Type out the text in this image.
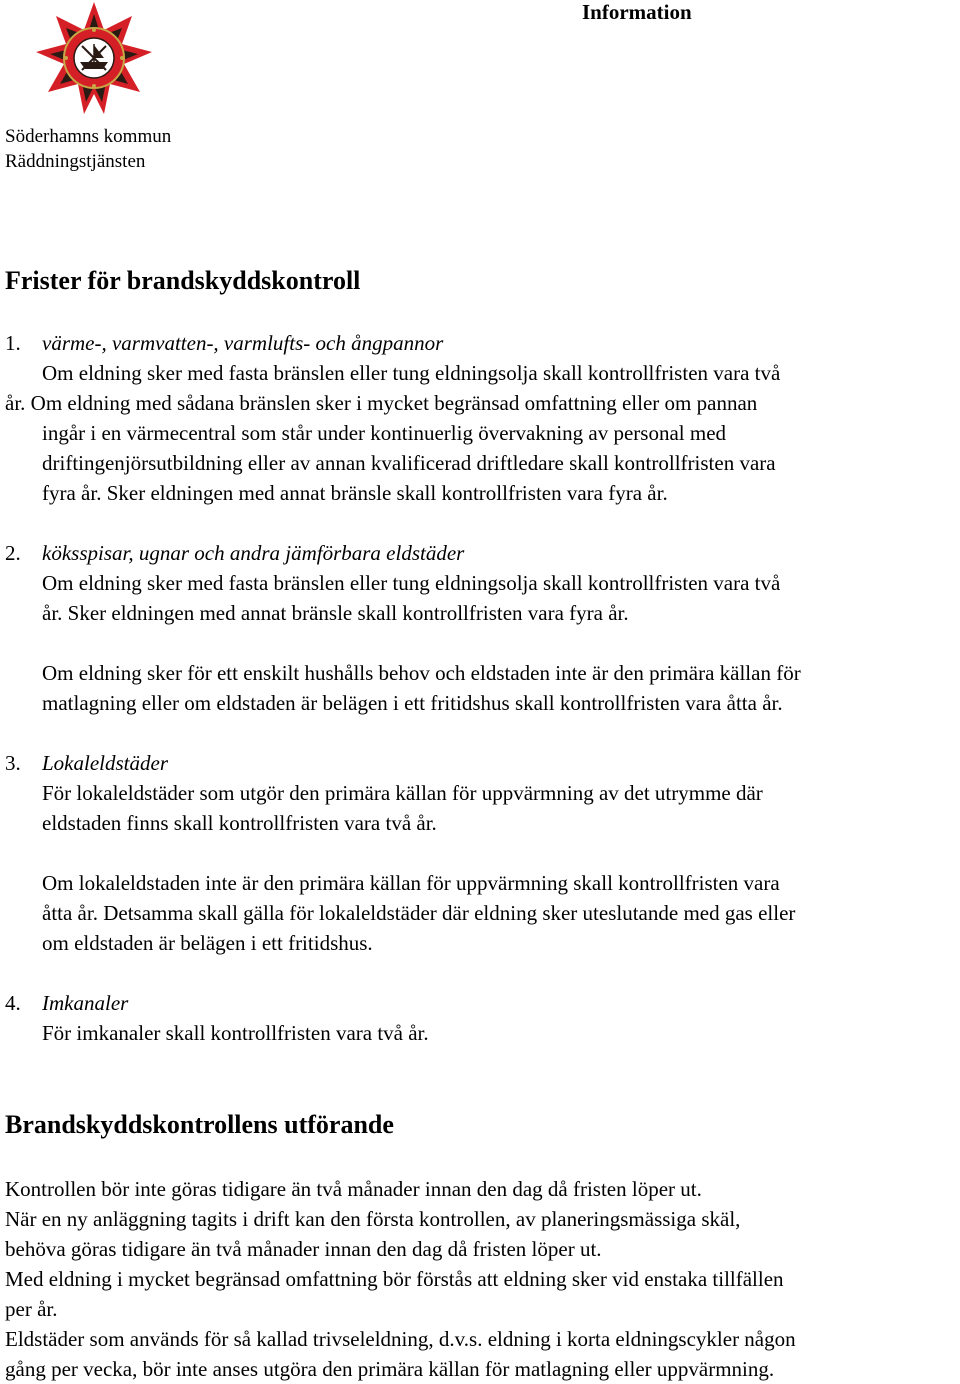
Information
Söderhamns kommun
Räddningstjänsten
Frister för brandskyddskontroll
1. värme-, varmvatten-, varmlufts- och ångpannor
Om eldning sker med fasta bränslen eller tung eldningsolja skall kontrollfristen vara två
år. Om eldning med sådana bränslen sker i mycket begränsad omfattning eller om pannan
ingår i en värmecentral som står under kontinuerlig övervakning av personal med
driftingenjörsutbildning eller av annan kvalificerad driftledare skall kontrollfristen vara
fyra år. Sker eldningen med annat bränsle skall kontrollfristen vara fyra år.
2. köksspisar, ugnar och andra jämförbara eldstäder
Om eldning sker med fasta bränslen eller tung eldningsolja skall kontrollfristen vara två
år. Sker eldningen med annat bränsle skall kontrollfristen vara fyra år.
Om eldning sker för ett enskilt hushålls behov och eldstaden inte är den primära källan för
matlagning eller om eldstaden är belägen i ett fritidshus skall kontrollfristen vara åtta år.
3. Lokaleldstäder
För lokaleldstäder som utgör den primära källan för uppvärmning av det utrymme där
eldstaden finns skall kontrollfristen vara två år.
Om lokaleldstaden inte är den primära källan för uppvärmning skall kontrollfristen vara
åtta år. Detsamma skall gälla för lokaleldstäder där eldning sker uteslutande med gas eller
om eldstaden är belägen i ett fritidshus.
4. Imkanaler
För imkanaler skall kontrollfristen vara två år.
Brandskyddskontrollens utförande
Kontrollen bör inte göras tidigare än två månader innan den dag då fristen löper ut.
När en ny anläggning tagits i drift kan den första kontrollen, av planeringsmässiga skäl,
behöva göras tidigare än två månader innan den dag då fristen löper ut.
Med eldning i mycket begränsad omfattning bör förstås att eldning sker vid enstaka tillfällen
per år.
Eldstäder som används för så kallad trivseleldning, d.v.s. eldning i korta eldningscykler någon
gång per vecka, bör inte anses utgöra den primära källan för matlagning eller uppvärmning.
